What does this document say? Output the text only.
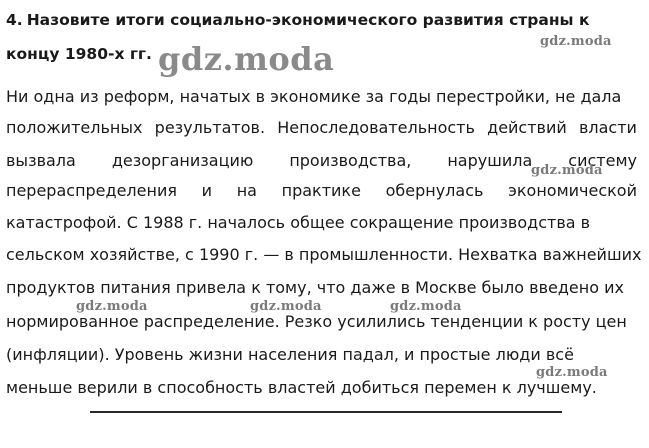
4. Назовите итоги социально-экономического развития страны к
концу 1980-х гг.
Ни одна из реформ, начатых в экономике за годы перестройки, не дала
положительных результатов. Непоследовательность действий власти
вызвала дезорганизацию производства, нарушила систему
перераспределения и на практике обернулась экономической
катастрофой. С 1988 г. началось общее сокращение производства в
сельском хозяйстве, с 1990 г. — в промышленности. Нехватка важнейших
продуктов питания привела к тому, что даже в Москве было введено их
нормированное распределение. Резко усилились тенденции к росту цен
(инфляции). Уровень жизни населения падал, и простые люди всё
меньше верили в способность властей добиться перемен к лучшему.
gdz.moda
gdz.moda
gdz.moda
gdz.moda	gdz.moda	gdz.moda
gdz.moda
